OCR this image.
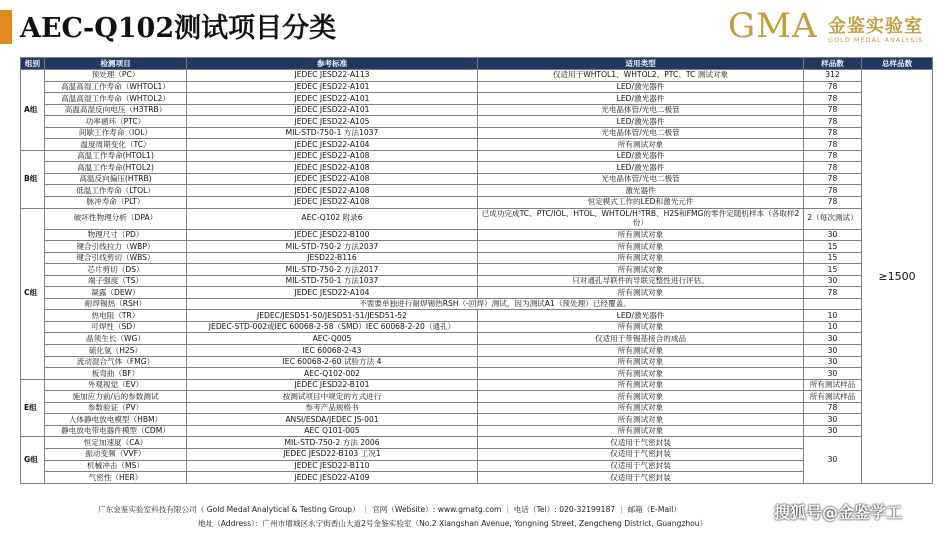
AEC-Q102测试项目分类	GMA 金鉴实验室
GOLD MEDAL ANALYSIS
组别	检测项目	参考标准	适用类型	样品数	总样品数
A组	预处理（PC）	JEDEC JESD22-A113	仅适用于WHTOL1、WHTOL2、PTC、TC 测试对象	312	≥1500
	高温高湿工作寿命（WHTOL1）	JEDEC JESD22-A101	LED/激光器件	78	
	高温高湿工作寿命（WHTOL2）	JEDEC JESD22-A101	LED/激光器件	78	
	高温高湿反向电压（H3TRB）	JEDEC JESD22-A101	光电晶体管/光电二极管	78	
	功率循环（PTC）	JEDEC JESD22-A105	LED/激光器件	78	
	间歇工作寿命（IOL）	MIL-STD-750-1 方法1037	光电晶体管/光电二极管	78	
	温度周期变化（TC）	JEDEC JESD22-A104	所有测试对象	78	
B组	高温工作寿命(HTOL1)	JEDEC JESD22-A108	LED/激光器件	78	
	高温工作寿命(HTOL2)	JEDEC JESD22-A108	LED/激光器件	78	
	高温反向偏压(HTRB)	JEDEC JESD22-A108	光电晶体管/光电二极管	78	
	低温工作寿命（LTOL）	JEDEC JESD22-A108	激光器件	78	
	脉冲寿命（PLT）	JEDEC JESD22-A108	恒定模式工作的LED和激光元件	78	
C组	破坏性物理分析（DPA）	AEC-Q102 附录6	已成功完成TC、PTC/IOL、HTOL、WHTOL/H³TRB、H2S和FMG的零件定随机样本（各取样2份）	2（每次测试）	
	物理尺寸（PD）	JEDEC JESD22-B100	所有测试对象	30	
	键合引线拉力（WBP）	MIL-STD-750-2 方法2037	所有测试对象	15	
	键合引线剪切（WBS）	JESD22-B116	所有测试对象	15	
	芯片剪切（DS）	MIL-STD-750-2 方法2017	所有测试对象	15	
	端子强度（TS）	MIL-STD-750-1 方法1037	只对通孔导联件的导联完整性进行评估。	30	
	凝露（DEW）	JEDEC JESD22-A104	所有测试对象	78	
	耐焊锡热（RSH）	不需要单独进行耐焊锡热RSH（-回焊）测试，因为测试A1（预处理）已经覆盖。			
	热电阻（TR）	JEDEC/JESD51-50/JESD51-51/JESD51-52	LED/激光器件	10	
	可焊性（SD）	JEDEC-STD-002或IEC 60068-2-58（SMD）IEC 60068-2-20（通孔）	所有测试对象	10	
	晶须生长（WG）	AEC-Q005	仅适用于带锡基接合的成品	30	
	硫化氢（H2S）	IEC 60068-2-43	所有测试对象	30	
	流动混合气体（FMG）	IEC 60068-2-60 试验方法 4	所有测试对象	30	
	板弯曲（BF）	AEC-Q102-002	所有测试对象	30	
E组	外观视觉（EV）	JEDEC JESD22-B101	所有测试对象	所有测试样品	
	施加应力前/后的参数测试	按测试项目中规定的方式进行	所有测试对象	所有测试样品	
	参数验证（PV）	参考产品规格书	所有测试对象	78	
	人体静电放电模型（HBM）	ANSI/ESDA/JEDEC JS-001	所有测试对象	30	
	静电放电带电器件模型（CDM）	AEC Q101-005	所有测试对象	30	
G组	恒定加速度（CA）	MIL-STD-750-2 方法 2006	仅适用于气密封装	30	
	振动变频（VVF）	JEDEC JESD22-B103 工况1	仅适用于气密封装		
	机械冲击（MS）	JEDEC JESD22-B110	仅适用于气密封装		
	气密性（HER）	JEDEC JESD22-A109	仅适用于气密封装		
广东金鉴实验室科技有限公司（ Gold Medal Analytical & Testing Group） ｜ 官网（Website）: www.gmatg.com ｜ 电话（Tel）: 020-32199187 ｜ 邮箱（E-Mail）
地址（Address）：广州市增城区永宁街香山大道2号金鉴实验室（No.2 Xiangshan Avenue, Yongning Street, Zengcheng District, Guangzhou）
搜狐号@金鉴学工
